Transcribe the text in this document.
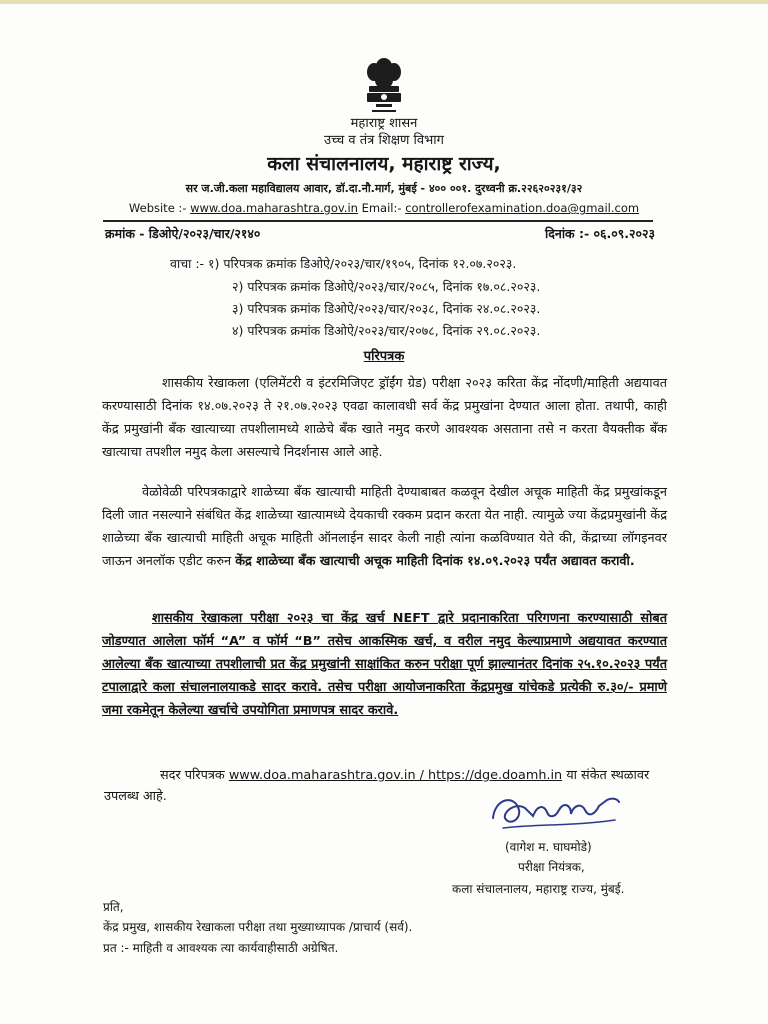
महाराष्ट्र शासन
उच्च व तंत्र शिक्षण विभाग
कला संचालनालय, महाराष्ट्र राज्य,
सर ज.जी.कला महाविद्यालय आवार, डॉ.दा.नौ.मार्ग, मुंबई - ४०० ००१. दुरध्वनी क्र.२२६२०२३१/३२
Website :- www.doa.maharashtra.gov.in Email:- controllerofexamination.doa@gmail.com
क्रमांक - डिओऐ/२०२३/चार/२१४०	दिनांक :- ०६.०९.२०२३
वाचा :- १) परिपत्रक क्रमांक डिओऐ/२०२३/चार/१९०५, दिनांक १२.०७.२०२३.
२) परिपत्रक क्रमांक डिओऐ/२०२३/चार/२०८५, दिनांक १७.०८.२०२३.
३) परिपत्रक क्रमांक डिओऐ/२०२३/चार/२०३८, दिनांक २४.०८.२०२३.
४) परिपत्रक क्रमांक डिओऐ/२०२३/चार/२०७८, दिनांक २९.०८.२०२३.
परिपत्रक
शासकीय रेखाकला (एलिमेंटरी व इंटरमिजिएट ड्रॉईंग ग्रेड) परीक्षा २०२३ करिता केंद्र नोंदणी/माहिती अद्ययावत करण्यासाठी दिनांक १४.०७.२०२३ ते २१.०७.२०२३ एवढा कालावधी सर्व केंद्र प्रमुखांना देण्यात आला होता. तथापी, काही केंद्र प्रमुखांनी बँक खात्याच्या तपशीलामध्ये शाळेचे बँक खाते नमुद करणे आवश्यक असताना तसे न करता वैयक्तीक बँक खात्याचा तपशील नमुद केला असल्याचे निदर्शनास आले आहे.
वेळोवेळी परिपत्रकाद्वारे शाळेच्या बँक खात्याची माहिती देण्याबाबत कळवून देखील अचूक माहिती केंद्र प्रमुखांकडून दिली जात नसल्याने संबंधित केंद्र शाळेच्या खात्यामध्ये देयकाची रक्कम प्रदान करता येत नाही. त्यामुळे ज्या केंद्रप्रमुखांनी केंद्र शाळेच्या बँक खात्याची माहिती अचूक माहिती ऑनलाईन सादर केली नाही त्यांना कळविण्यात येते की, केंद्राच्या लॉगइनवर जाऊन अनलॉक एडीट करुन केंद्र शाळेच्या बँक खात्याची अचूक माहिती दिनांक १४.०९.२०२३ पर्यंत अद्यावत करावी.
शासकीय रेखाकला परीक्षा २०२३ चा केंद्र खर्च NEFT द्वारे प्रदानाकरिता परिगणना करण्यासाठी सोबत जोडण्यात आलेला फॉर्म “A” व फॉर्म “B” तसेच आकस्मिक खर्च, व वरील नमुद केल्याप्रमाणे अद्ययावत करण्यात आलेल्या बँक खात्याच्या तपशीलाची प्रत केंद्र प्रमुखांनी साक्षांकित करुन परीक्षा पूर्ण झाल्यानंतर दिनांक २५.१०.२०२३ पर्यंत टपालाद्वारे कला संचालनालयाकडे सादर करावे. तसेच परीक्षा आयोजनाकरिता केंद्रप्रमुख यांचेकडे प्रत्येकी रु.३०/- प्रमाणे जमा रकमेतून केलेल्या खर्चाचे उपयोगिता प्रमाणपत्र सादर करावे.
सदर परिपत्रक www.doa.maharashtra.gov.in / https://dge.doamh.in या संकेत स्थळावर
उपलब्ध आहे.
(वागेश म. घाघमोडे)
परीक्षा नियंत्रक,
कला संचालनालय, महाराष्ट्र राज्य, मुंबई.
प्रति,
केंद्र प्रमुख, शासकीय रेखाकला परीक्षा तथा मुख्याध्यापक /प्राचार्य (सर्व).
प्रत :- माहिती व आवश्यक त्या कार्यवाहीसाठी अग्रेषित.
